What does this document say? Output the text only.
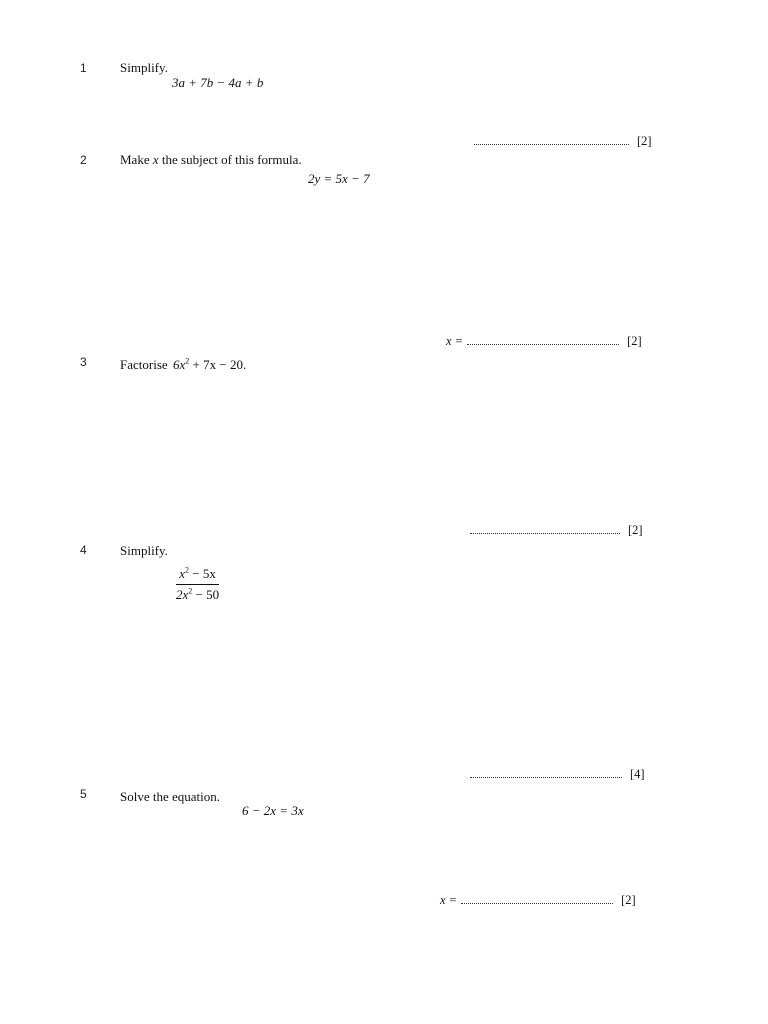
1	Simplify.
3a + 7b − 4a + b
[2]
2	Make x the subject of this formula.
2y = 5x − 7
x =	[2]
3	Factorise $6x^2 + 7x - 20$.
[2]
4	Simplify.
$x^2 - 5x$
$2x^2 - 50$
[4]
5	Solve the equation.
6 − 2x = 3x
x =	[2]
